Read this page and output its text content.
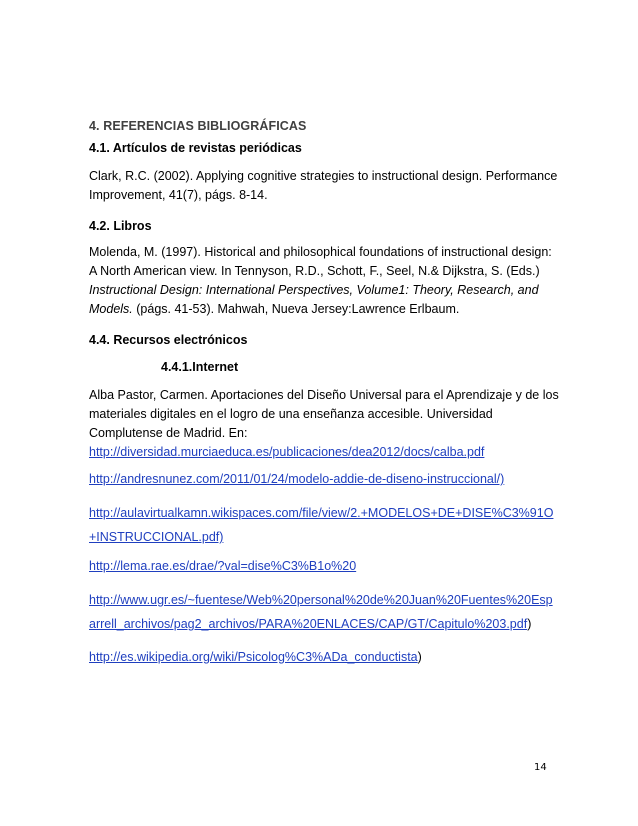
4. REFERENCIAS BIBLIOGRÁFICAS

4.1. Artículos de revistas periódicas

Clark, R.C. (2002). Applying cognitive strategies to instructional design. Performance Improvement, 41(7), págs. 8-14.

4.2. Libros

Molenda, M. (1997). Historical and philosophical foundations of instructional design: A North American view. In Tennyson, R.D., Schott, F., Seel, N.& Dijkstra, S. (Eds.) Instructional Design: International Perspectives, Volume1: Theory, Research, and Models. (págs. 41-53). Mahwah, Nueva Jersey:Lawrence Erlbaum.

4.4. Recursos electrónicos

4.4.1.Internet

Alba Pastor, Carmen. Aportaciones del Diseño Universal para el Aprendizaje y de los materiales digitales en el logro de una enseñanza accesible. Universidad Complutense de Madrid. En:

http://diversidad.murciaeduca.es/publicaciones/dea2012/docs/calba.pdf

http://andresnunez.com/2011/01/24/modelo-addie-de-diseno-instruccional/)

http://aulavirtualkamn.wikispaces.com/file/view/2.+MODELOS+DE+DISE%C3%91O+INSTRUCCIONAL.pdf)

http://lema.rae.es/drae/?val=dise%C3%B1o%20

http://www.ugr.es/~fuentese/Web%20personal%20de%20Juan%20Fuentes%20Esparrell_archivos/pag2_archivos/PARA%20ENLACES/CAP/GT/Capitulo%203.pdf)

http://es.wikipedia.org/wiki/Psicolog%C3%ADa_conductista)

14
